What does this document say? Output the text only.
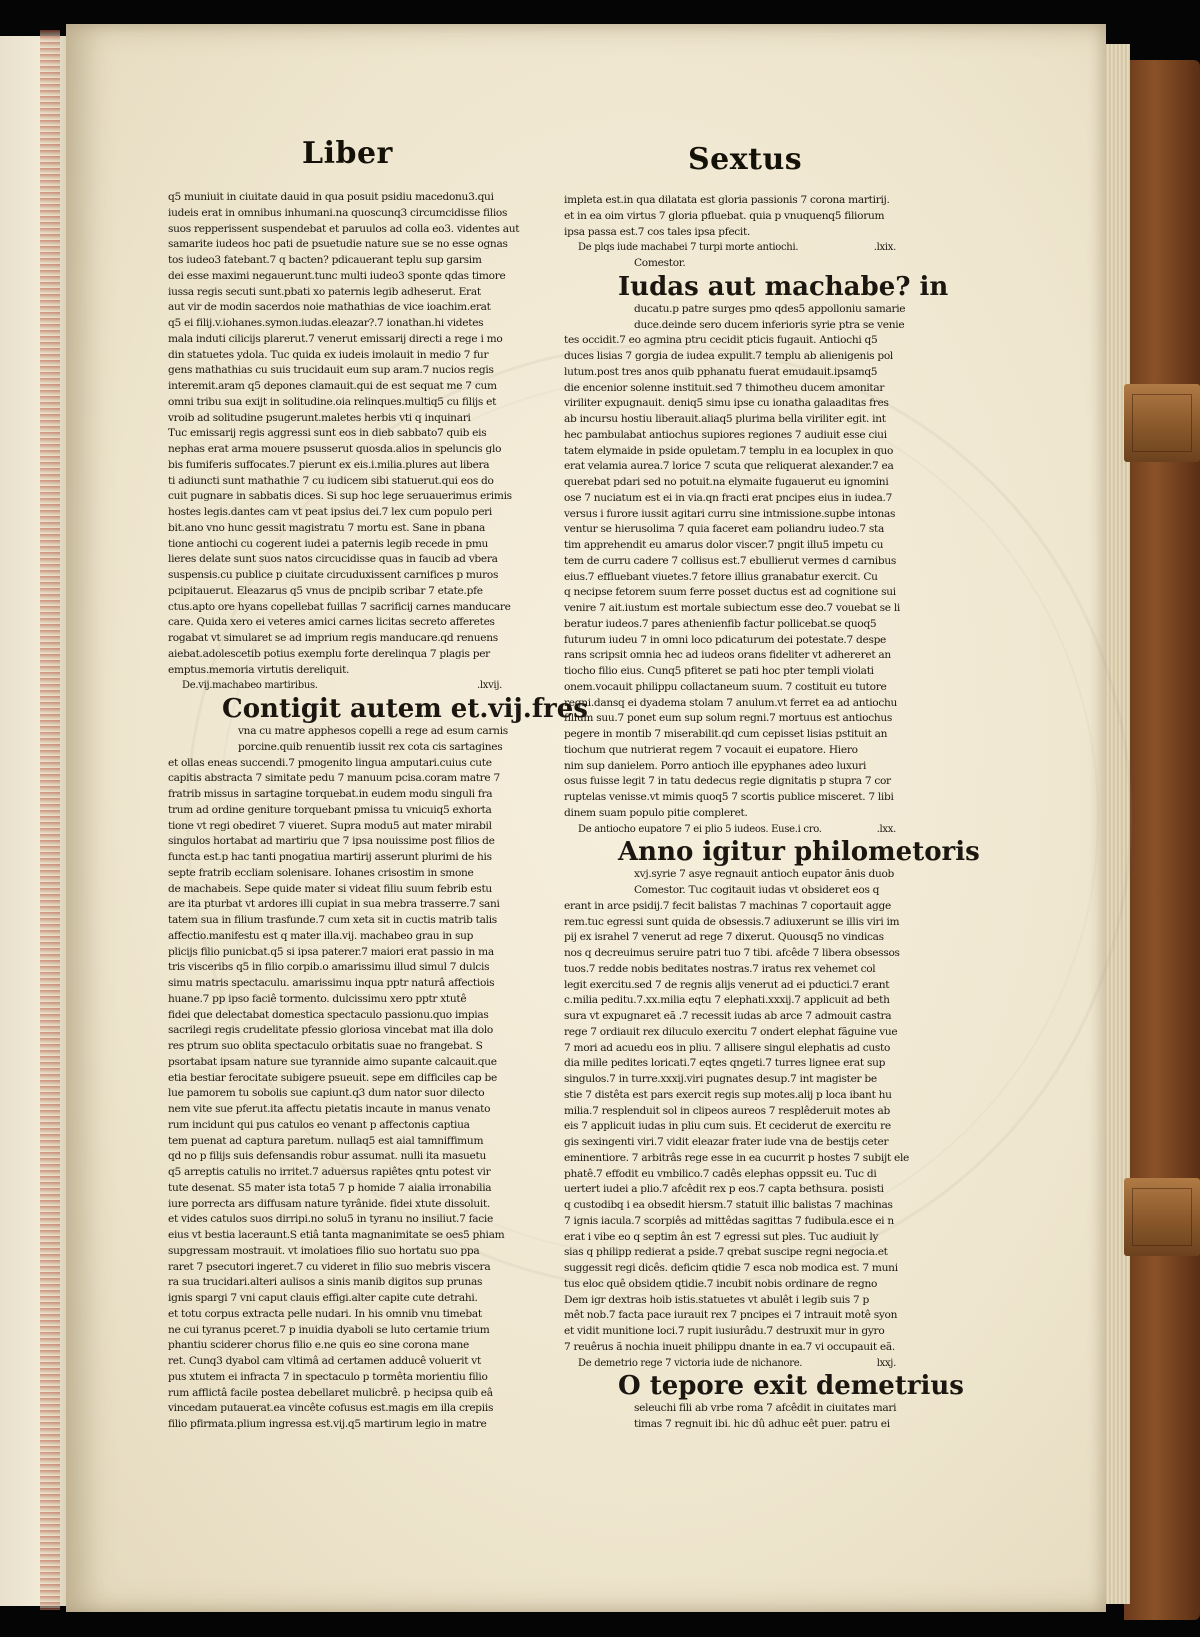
Liber	Sextus
q5 muniuit in ciuitate dauid in qua posuit psidiu macedonu3.qui
iudeis erat in omnibus inhumani.na quoscunq3 circumcidisse filios
suos repperissent suspendebat et paruulos ad colla eo3. videntes aut
samarite iudeos hoc pati de psuetudie nature sue se no esse ognas
tos iudeo3 fatebant.7 q bacten? pdicauerant teplu sup garsim
dei esse maximi negauerunt.tunc multi iudeo3 sponte qdas timore
iussa regis secuti sunt.pbati xo paternis legib adheserut. Erat
aut vir de modin sacerdos noie mathathias de vice ioachim.erat
q5 ei filij.v.iohanes.symon.iudas.eleazar?.7 ionathan.hi videtes
mala induti cilicijs plarerut.7 venerut emissarij directi a rege i mo
din statuetes ydola. Tuc quida ex iudeis imolauit in medio 7 fur
gens mathathias cu suis trucidauit eum sup aram.7 nucios regis
interemit.aram q5 depones clamauit.qui de est sequat me 7 cum
omni tribu sua exijt in solitudine.oia relinques.multiq5 cu filijs et
vroib ad solitudine psugerunt.maletes herbis vti q inquinari
Tuc emissarij regis aggressi sunt eos in dieb sabbato7 quib eis
nephas erat arma mouere psusserut quosda.alios in speluncis glo
bis fumiferis suffocates.7 pierunt ex eis.i.milia.plures aut libera
ti adiuncti sunt mathathie 7 cu iudicem sibi statuerut.qui eos do
cuit pugnare in sabbatis dices. Si sup hoc lege seruauerimus erimis
hostes legis.dantes cam vt peat ipsius dei.7 lex cum populo peri
bit.ano vno hunc gessit magistratu 7 mortu est. Sane in pbana
tione antiochi cu cogerent iudei a paternis legib recede in pmu
lieres delate sunt suos natos circucidisse quas in faucib ad vbera
suspensis.cu publice p ciuitate circuduxissent carnifices p muros
pcipitauerut. Eleazarus q5 vnus de pncipib scribar 7 etate.pfe
ctus.apto ore hyans copellebat fuillas 7 sacrificij carnes manducare
care. Quida xero ei veteres amici carnes licitas secreto afferetes
rogabat vt simularet se ad imprium regis manducare.qd renuens
aiebat.adolescetib potius exemplu forte derelinqua 7 plagis per
emptus.memoria virtutis dereliquit.
De.vij.machabeo martiribus.	.lxvij.
Contigit autem et.vij.fres
vna cu matre apphesos copelli a rege ad esum carnis
porcine.quib renuentib iussit rex cota cis sartagines
et ollas eneas succendi.7 pmogenito lingua amputari.cuius cute
capitis abstracta 7 simitate pedu 7 manuum pcisa.coram matre 7
fratrib missus in sartagine torquebat.in eudem modu singuli fra
trum ad ordine geniture torquebant pmissa tu vnicuiq5 exhorta
tione vt regi obediret 7 viueret. Supra modu5 aut mater mirabil
singulos hortabat ad martiriu que 7 ipsa nouissime post filios de
functa est.p hac tanti pnogatiua martirij asserunt plurimi de his
septe fratrib eccliam solenisare. Iohanes crisostim in smone
de machabeis. Sepe quide mater si videat filiu suum febrib estu
are ita pturbat vt ardores illi cupiat in sua mebra trasserre.7 sani
tatem sua in filium trasfunde.7 cum xeta sit in cuctis matrib talis
affectio.manifestu est q mater illa.vij. machabeo grau in sup
plicijs filio punicbat.q5 si ipsa paterer.7 maiori erat passio in ma
tris visceribs q5 in filio corpib.o amarissimu illud simul 7 dulcis
simu matris spectaculu. amarissimu inqua pptr naturâ affectiois
huane.7 pp ipso faciê tormento. dulcissimu xero pptr xtutê
fidei que delectabat domestica spectaculo passionu.quo impias
sacrilegi regis crudelitate pfessio gloriosa vincebat mat illa dolo
res ptrum suo oblita spectaculo orbitatis suae no frangebat. S
psortabat ipsam nature sue tyrannide aimo supante calcauit.que
etia bestiar ferocitate subigere psueuit. sepe em difficiles cap be
lue pamorem tu sobolis sue capiunt.q3 dum nator suor dilecto
nem vite sue pferut.ita affectu pietatis incaute in manus venato
rum incidunt qui pus catulos eo venant p affectonis captiua
tem puenat ad captura paretum. nullaq5 est aial tamniffimum
qd no p filijs suis defensandis robur assumat. nulli ita masuetu
q5 arreptis catulis no irritet.7 aduersus rapiêtes qntu potest vir
tute desenat. S5 mater ista tota5 7 p homide 7 aialia irronabilia
iure porrecta ars diffusam nature tyrânide. fidei xtute dissoluit.
et vides catulos suos dirripi.no solu5 in tyranu no insiliut.7 facie
eius vt bestia laceraunt.S etiâ tanta magnanimitate se oes5 phiam
supgressam mostrauit. vt imolatioes filio suo hortatu suo ppa
raret 7 psecutori ingeret.7 cu videret in filio suo mebris viscera
ra sua trucidari.alteri aulisos a sinis manib digitos sup prunas
ignis spargi 7 vni caput clauis effigi.alter capite cute detrahi.
et totu corpus extracta pelle nudari. In his omnib vnu timebat
ne cui tyranus pceret.7 p inuidia dyaboli se luto certamie trium
phantiu sciderer chorus filio e.ne quis eo sine corona mane
ret. Cunq3 dyabol cam vltimâ ad certamen adducê voluerit vt
pus xtutem ei infracta 7 in spectaculo p tormêta morientiu filio
rum afflictâ facile postea debellaret mulicbrê. p hecipsa quib eâ
vincedam putauerat.ea vincête cofusus est.magis em illa crepiis
filio pfirmata.plium ingressa est.vij.q5 martirum legio in matre
impleta est.in qua dilatata est gloria passionis 7 corona martirij.
et in ea oim virtus 7 gloria pfluebat. quia p vnuquenq5 filiorum
ipsa passa est.7 cos tales ipsa pfecit.
De plqs iude machabei 7 turpi morte antiochi.	.lxix.
Comestor.
Iudas aut machabe? in
ducatu.p patre surges pmo qdes5 appolloniu samarie
duce.deinde sero ducem inferioris syrie ptra se venie
tes occidit.7 eo agmina ptru cecidit pticis fugauit. Antiochi q5
duces lisias 7 gorgia de iudea expulit.7 templu ab alienigenis pol
lutum.post tres anos quib pphanatu fuerat emudauit.ipsamq5
die encenior solenne instituit.sed 7 thimotheu ducem amonitar
viriliter expugnauit. deniq5 simu ipse cu ionatha galaaditas fres
ab incursu hostiu liberauit.aliaq5 plurima bella viriliter egit. int
hec pambulabat antiochus supiores regiones 7 audiuit esse ciui
tatem elymaide in pside opuletam.7 templu in ea locuplex in quo
erat velamia aurea.7 lorice 7 scuta que reliquerat alexander.7 ea
querebat pdari sed no potuit.na elymaite fugauerut eu ignomini
ose 7 nuciatum est ei in via.qn fracti erat pncipes eius in iudea.7
versus i furore iussit agitari curru sine intmissione.supbe intonas
ventur se hierusolima 7 quia faceret eam poliandru iudeo.7 sta
tim apprehendit eu amarus dolor viscer.7 pngit illu5 impetu cu
tem de curru cadere 7 collisus est.7 ebullierut vermes d carnibus
eius.7 effluebant viuetes.7 fetore illius granabatur exercit. Cu
q necipse fetorem suum ferre posset ductus est ad cognitione sui
venire 7 ait.iustum est mortale subiectum esse deo.7 vouebat se li
beratur iudeos.7 pares athenienfib factur pollicebat.se quoq5
futurum iudeu 7 in omni loco pdicaturum dei potestate.7 despe
rans scripsit omnia hec ad iudeos orans fideliter vt adhereret an
tiocho filio eius. Cunq5 pfiteret se pati hoc pter templi violati
onem.vocauit philippu collactaneum suum. 7 costituit eu tutore
regni.dansq ei dyadema stolam 7 anulum.vt ferret ea ad antiochu
filium suu.7 ponet eum sup solum regni.7 mortuus est antiochus
pegere in montib 7 miserabilit.qd cum cepisset lisias pstituit an
tiochum que nutrierat regem 7 vocauit ei eupatore. Hiero
nim sup danielem. Porro antioch ille epyphanes adeo luxuri
osus fuisse legit 7 in tatu dedecus regie dignitatis p stupra 7 cor
ruptelas venisse.vt mimis quoq5 7 scortis publice misceret. 7 libi
dinem suam populo pitie compleret.
De antiocho eupatore 7 ei plio 5 iudeos. Euse.i cro.	.lxx.
Anno igitur philometoris
xvj.syrie 7 asye regnauit antioch eupator ãnis duob
Comestor. Tuc cogitauit iudas vt obsideret eos q
erant in arce psidij.7 fecit balistas 7 machinas 7 coportauit agge
rem.tuc egressi sunt quida de obsessis.7 adiuxerunt se illis viri im
pij ex israhel 7 venerut ad rege 7 dixerut. Quousq5 no vindicas
nos q decreuimus seruire patri tuo 7 tibi. afcêde 7 libera obsessos
tuos.7 redde nobis beditates nostras.7 iratus rex vehemet col
legit exercitu.sed 7 de regnis alijs venerut ad ei pductici.7 erant
c.milia peditu.7.xx.milia eqtu 7 elephati.xxxij.7 applicuit ad beth
sura vt expugnaret eã .7 recessit iudas ab arce 7 admouit castra
rege 7 ordiauit rex diluculo exercitu 7 ondert elephat fãguine vue
7 mori ad acuedu eos in pliu. 7 allisere singul elephatis ad custo
dia mille pedites loricati.7 eqtes qngeti.7 turres lignee erat sup
singulos.7 in turre.xxxij.viri pugnates desup.7 int magister be
stie 7 distêta est pars exercit regis sup motes.alij p loca ibant hu
milia.7 resplenduit sol in clipeos aureos 7 resplêderuit motes ab
eis 7 applicuit iudas in pliu cum suis. Et ceciderut de exercitu re
gis sexingenti viri.7 vidit eleazar frater iude vna de bestijs ceter
eminentiore. 7 arbitrâs rege esse in ea cucurrit p hostes 7 subijt ele
phatê.7 effodit eu vmbilico.7 cadês elephas oppssit eu. Tuc di
uertert iudei a plio.7 afcêdit rex p eos.7 capta bethsura. posisti
q custodibq i ea obsedit hiersm.7 statuit illic balistas 7 machinas
7 ignis iacula.7 scorpiês ad mittêdas sagittas 7 fudibula.esce ei n
erat i vibe eo q septim ân est 7 egressi sut ples. Tuc audiuit ly
sias q philipp redierat a pside.7 qrebat suscipe regni negocia.et
suggessit regi dicês. deficim qtidie 7 esca nob modica est. 7 muni
tus eloc quê obsidem qtidie.7 incubit nobis ordinare de regno
Dem igr dextras hoib istis.statuetes vt abulêt i legib suis 7 p
mêt nob.7 facta pace iurauit rex 7 pncipes ei 7 intrauit motê syon
et vidit munitione loci.7 rupit iusiurâdu.7 destruxit mur in gyro
7 reuêrus ã nochia inueit philippu dnante in ea.7 vi occupauit eã.
De demetrio rege 7 victoria iude de nichanore.	lxxj.
O tepore exit demetrius
seleuchi fili ab vrbe roma 7 afcêdit in ciuitates mari
timas 7 regnuit ibi. hic dû adhuc eêt puer. patru ei
